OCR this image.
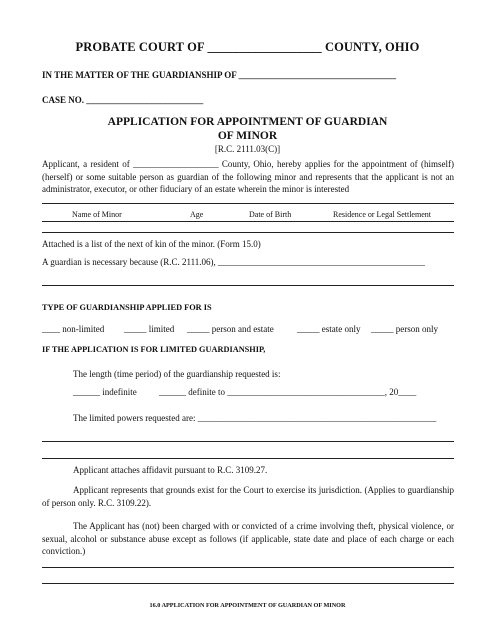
PROBATE COURT OF __________________ COUNTY, OHIO
IN THE MATTER OF THE GUARDIANSHIP OF ___________________________________
CASE NO. __________________________
APPLICATION FOR APPOINTMENT OF GUARDIAN
OF MINOR
[R.C. 2111.03(C)]
Applicant, a resident of ___________________ County, Ohio, hereby applies for the appointment of (himself) (herself) or some suitable person as guardian of the following minor and represents that the applicant is not an administrator, executor, or other fiduciary of an estate wherein the minor is interested
Name of Minor	Age	Date of Birth	Residence or Legal Settlement
Attached is a list of the next of kin of the minor. (Form 15.0)
A guardian is necessary because (R.C. 2111.06), ______________________________________________
TYPE OF GUARDIANSHIP APPLIED FOR IS
____ non-limited _____ limited _____ person and estate	_____ estate only _____ person only
IF THE APPLICATION IS FOR LIMITED GUARDIANSHIP,
The length (time period) of the guardianship requested is:
______ indefinite ______ definite to ___________________________________, 20____
The limited powers requested are: _____________________________________________________
Applicant attaches affidavit pursuant to R.C. 3109.27.
Applicant represents that grounds exist for the Court to exercise its jurisdiction. (Applies to guardianship of person only. R.C. 3109.22).
The Applicant has (not) been charged with or convicted of a crime involving theft, physical violence, or sexual, alcohol or substance abuse except as follows (if applicable, state date and place of each charge or each conviction.)
16.0 APPLICATION FOR APPOINTMENT OF GUARDIAN OF MINOR
